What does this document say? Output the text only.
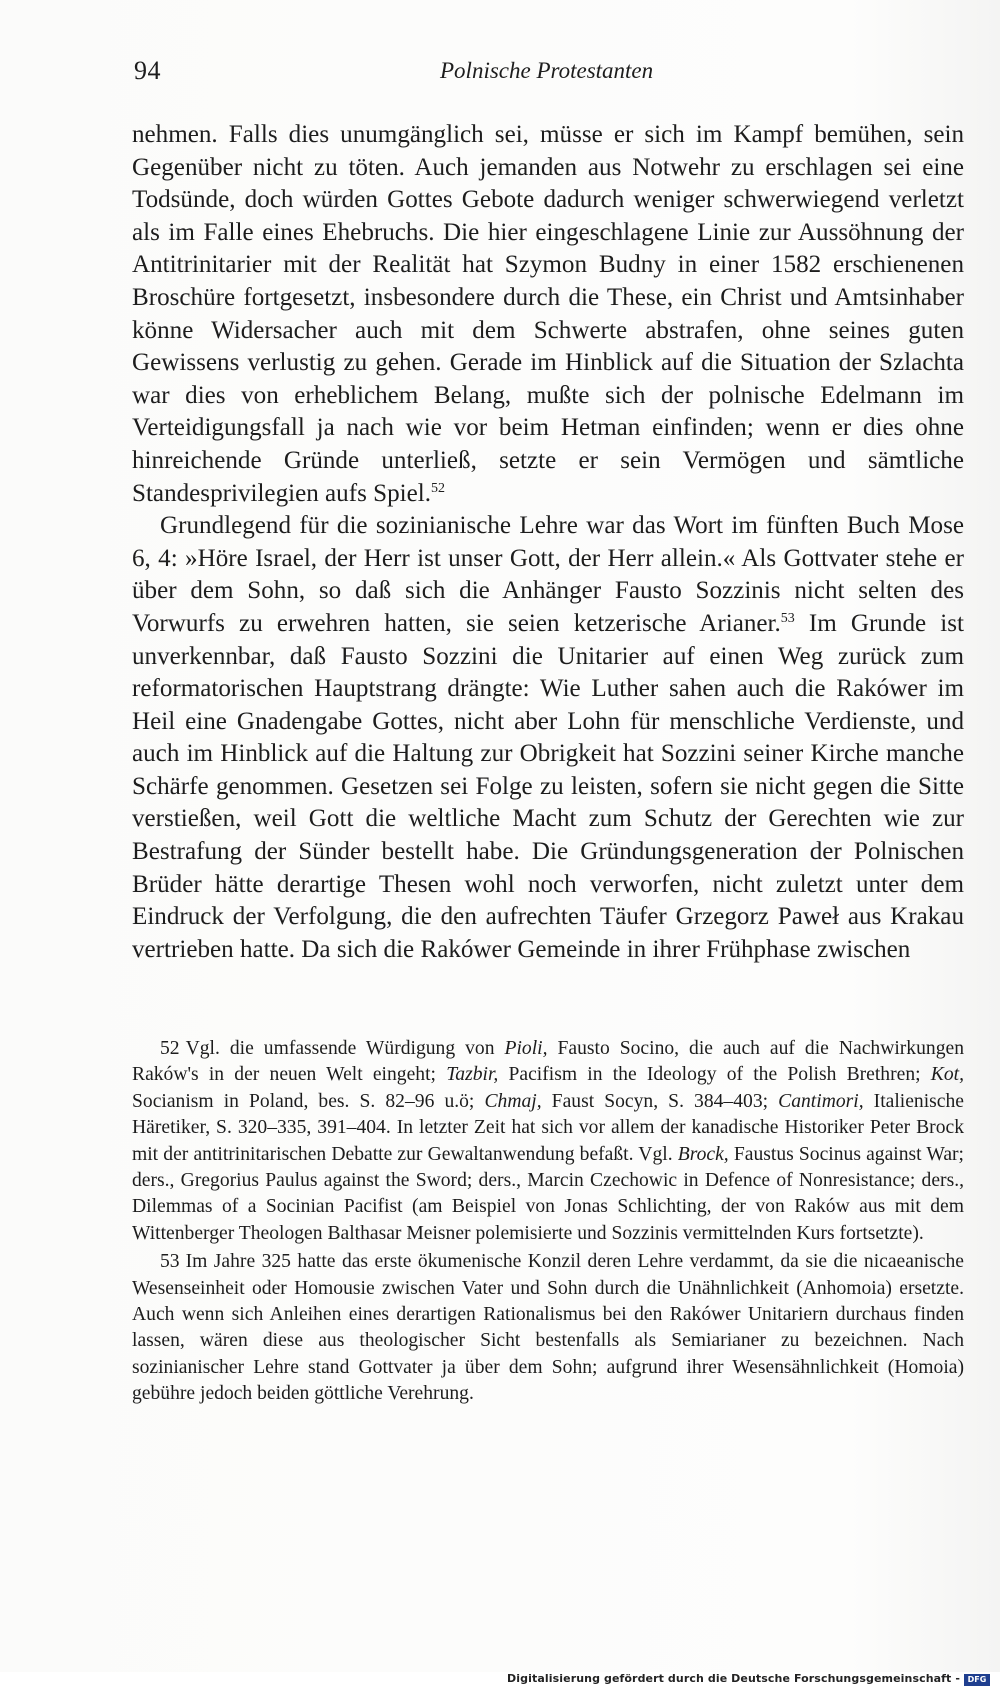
94	Polnische Protestanten

nehmen. Falls dies unumgänglich sei, müsse er sich im Kampf bemühen, sein Gegenüber nicht zu töten. Auch jemanden aus Notwehr zu erschlagen sei eine Todsünde, doch würden Gottes Gebote dadurch weniger schwerwiegend verletzt als im Falle eines Ehebruchs. Die hier eingeschlagene Linie zur Aussöhnung der Antitrinitarier mit der Realität hat Szymon Budny in einer 1582 erschienenen Broschüre fortgesetzt, insbesondere durch die These, ein Christ und Amtsinhaber könne Widersacher auch mit dem Schwerte abstrafen, ohne seines guten Gewissens verlustig zu gehen. Gerade im Hinblick auf die Situation der Szlachta war dies von erheblichem Belang, mußte sich der polnische Edelmann im Verteidigungsfall ja nach wie vor beim Hetman einfinden; wenn er dies ohne hinreichende Gründe unterließ, setzte er sein Vermögen und sämtliche Standesprivilegien aufs Spiel.$^{52}$

Grundlegend für die sozinianische Lehre war das Wort im fünften Buch Mose 6, 4: »Höre Israel, der Herr ist unser Gott, der Herr allein.« Als Gottvater stehe er über dem Sohn, so daß sich die Anhänger Fausto Sozzinis nicht selten des Vorwurfs zu erwehren hatten, sie seien ketzerische Arianer.$^{53}$ Im Grunde ist unverkennbar, daß Fausto Sozzini die Unitarier auf einen Weg zurück zum reformatorischen Hauptstrang drängte: Wie Luther sahen auch die Rakówer im Heil eine Gnadengabe Gottes, nicht aber Lohn für menschliche Verdienste, und auch im Hinblick auf die Haltung zur Obrigkeit hat Sozzini seiner Kirche manche Schärfe genommen. Gesetzen sei Folge zu leisten, sofern sie nicht gegen die Sitte verstießen, weil Gott die weltliche Macht zum Schutz der Gerechten wie zur Bestrafung der Sünder bestellt habe. Die Gründungsgeneration der Polnischen Brüder hätte derartige Thesen wohl noch verworfen, nicht zuletzt unter dem Eindruck der Verfolgung, die den aufrechten Täufer Grzegorz Paweł aus Krakau vertrieben hatte. Da sich die Rakówer Gemeinde in ihrer Frühphase zwischen

52 Vgl. die umfassende Würdigung von Pioli, Fausto Socino, die auch auf die Nachwirkungen Raków's in der neuen Welt eingeht; Tazbir, Pacifism in the Ideology of the Polish Brethren; Kot, Socianism in Poland, bes. S. 82–96 u.ö; Chmaj, Faust Socyn, S. 384–403; Cantimori, Italienische Häretiker, S. 320–335, 391–404. In letzter Zeit hat sich vor allem der kanadische Historiker Peter Brock mit der antitrinitarischen Debatte zur Gewaltanwendung befaßt. Vgl. Brock, Faustus Socinus against War; ders., Gregorius Paulus against the Sword; ders., Marcin Czechowic in Defence of Nonresistance; ders., Dilemmas of a Socinian Pacifist (am Beispiel von Jonas Schlichting, der von Raków aus mit dem Wittenberger Theologen Balthasar Meisner polemisierte und Sozzinis vermittelnden Kurs fortsetzte).

53 Im Jahre 325 hatte das erste ökumenische Konzil deren Lehre verdammt, da sie die nicaeanische Wesenseinheit oder Homousie zwischen Vater und Sohn durch die Unähnlichkeit (Anhomoia) ersetzte. Auch wenn sich Anleihen eines derartigen Rationalismus bei den Rakówer Unitariern durchaus finden lassen, wären diese aus theologischer Sicht bestenfalls als Semiarianer zu bezeichnen. Nach sozinianischer Lehre stand Gottvater ja über dem Sohn; aufgrund ihrer Wesensähnlichkeit (Homoia) gebühre jedoch beiden göttliche Verehrung.

Digitalisierung gefördert durch die Deutsche Forschungsgemeinschaft - DFG
